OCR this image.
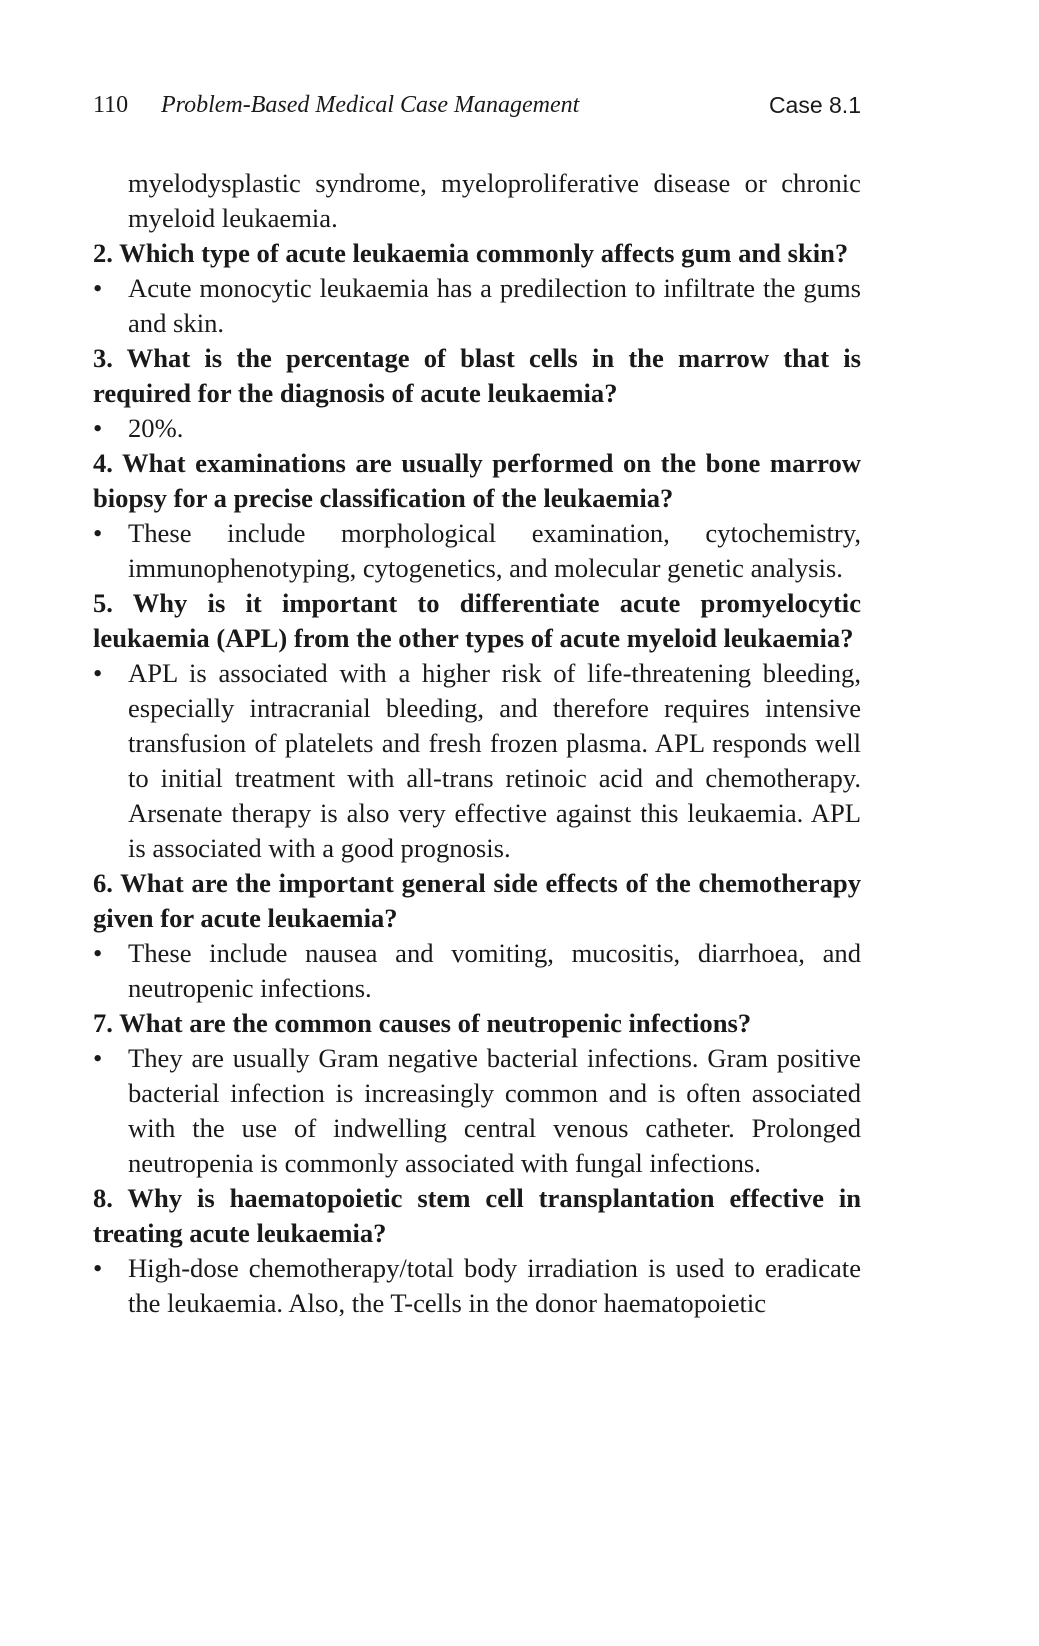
110 Problem-Based Medical Case Management	Case 8.1

myelodysplastic syndrome, myeloproliferative disease or chronic myeloid leukaemia.

2. Which type of acute leukaemia commonly affects gum and skin?

• Acute monocytic leukaemia has a predilection to infiltrate the gums and skin.

3. What is the percentage of blast cells in the marrow that is required for the diagnosis of acute leukaemia?

• 20%.

4. What examinations are usually performed on the bone marrow biopsy for a precise classification of the leukaemia?

• These include morphological examination, cytochemistry, immunophenotyping, cytogenetics, and molecular genetic analysis.

5. Why is it important to differentiate acute promyelocytic leukaemia (APL) from the other types of acute myeloid leukaemia?

• APL is associated with a higher risk of life-threatening bleeding, especially intracranial bleeding, and therefore requires intensive transfusion of platelets and fresh frozen plasma. APL responds well to initial treatment with all-trans retinoic acid and chemotherapy. Arsenate therapy is also very effective against this leukaemia. APL is associated with a good prognosis.

6. What are the important general side effects of the chemotherapy given for acute leukaemia?

• These include nausea and vomiting, mucositis, diarrhoea, and neutropenic infections.

7. What are the common causes of neutropenic infections?

• They are usually Gram negative bacterial infections. Gram positive bacterial infection is increasingly common and is often associated with the use of indwelling central venous catheter. Prolonged neutropenia is commonly associated with fungal infections.

8. Why is haematopoietic stem cell transplantation effective in treating acute leukaemia?

• High-dose chemotherapy/total body irradiation is used to eradicate the leukaemia. Also, the T-cells in the donor haematopoietic
